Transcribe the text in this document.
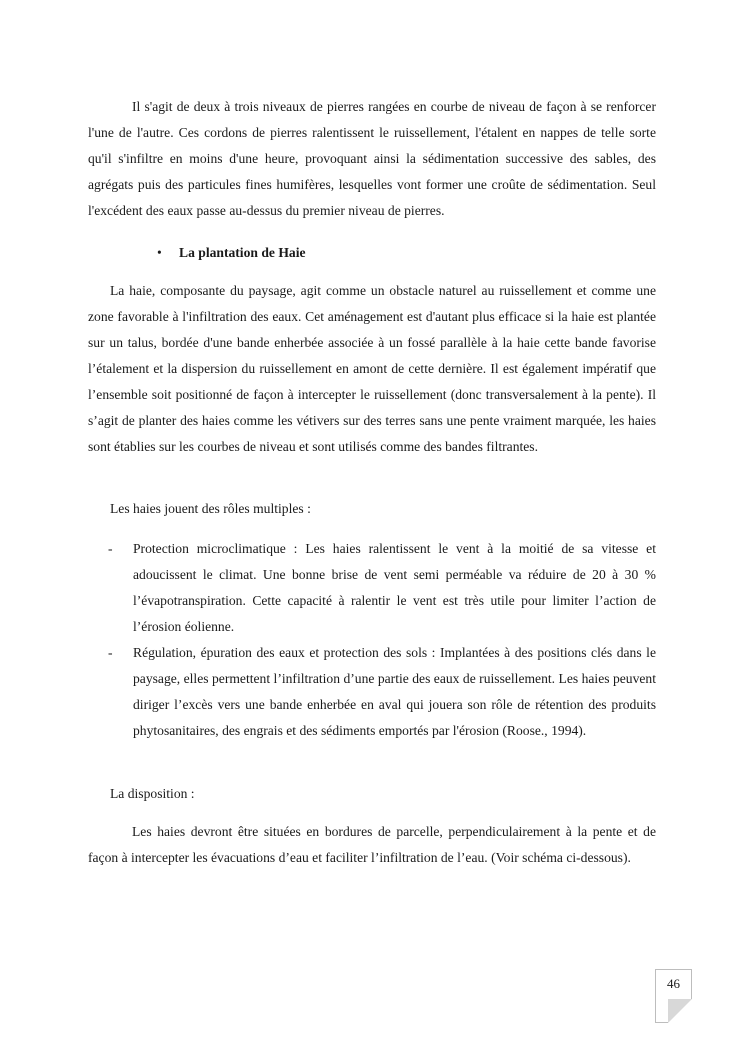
Il s'agit de deux à trois niveaux de pierres rangées en courbe de niveau de façon à se renforcer l'une de l'autre. Ces cordons de pierres ralentissent le ruissellement, l'étalent en nappes de telle sorte qu'il s'infiltre en moins d'une heure, provoquant ainsi la sédimentation successive des sables, des agrégats puis des particules fines humifères, lesquelles vont former une croûte de sédimentation. Seul l'excédent des eaux passe au-dessus du premier niveau de pierres.
• La plantation de Haie
La haie, composante du paysage, agit comme un obstacle naturel au ruissellement et comme une zone favorable à l'infiltration des eaux. Cet aménagement est d'autant plus efficace si la haie est plantée sur un talus, bordée d'une bande enherbée associée à un fossé parallèle à la haie cette bande favorise l’étalement et la dispersion du ruissellement en amont de cette dernière. Il est également impératif que l’ensemble soit positionné de façon à intercepter le ruissellement (donc transversalement à la pente). Il s’agit de planter des haies comme les vétivers sur des terres sans une pente vraiment marquée, les haies sont établies sur les courbes de niveau et sont utilisés comme des bandes filtrantes.
Les haies jouent des rôles multiples :
- Protection microclimatique : Les haies ralentissent le vent à la moitié de sa vitesse et adoucissent le climat. Une bonne brise de vent semi perméable va réduire de 20 à 30 % l’évapotranspiration. Cette capacité à ralentir le vent est très utile pour limiter l’action de l’érosion éolienne.
- Régulation, épuration des eaux et protection des sols : Implantées à des positions clés dans le paysage, elles permettent l’infiltration d’une partie des eaux de ruissellement. Les haies peuvent diriger l’excès vers une bande enherbée en aval qui jouera son rôle de rétention des produits phytosanitaires, des engrais et des sédiments emportés par l'érosion (Roose., 1994).
La disposition :
Les haies devront être situées en bordures de parcelle, perpendiculairement à la pente et de façon à intercepter les évacuations d’eau et faciliter l’infiltration de l’eau. (Voir schéma ci-dessous).
46
